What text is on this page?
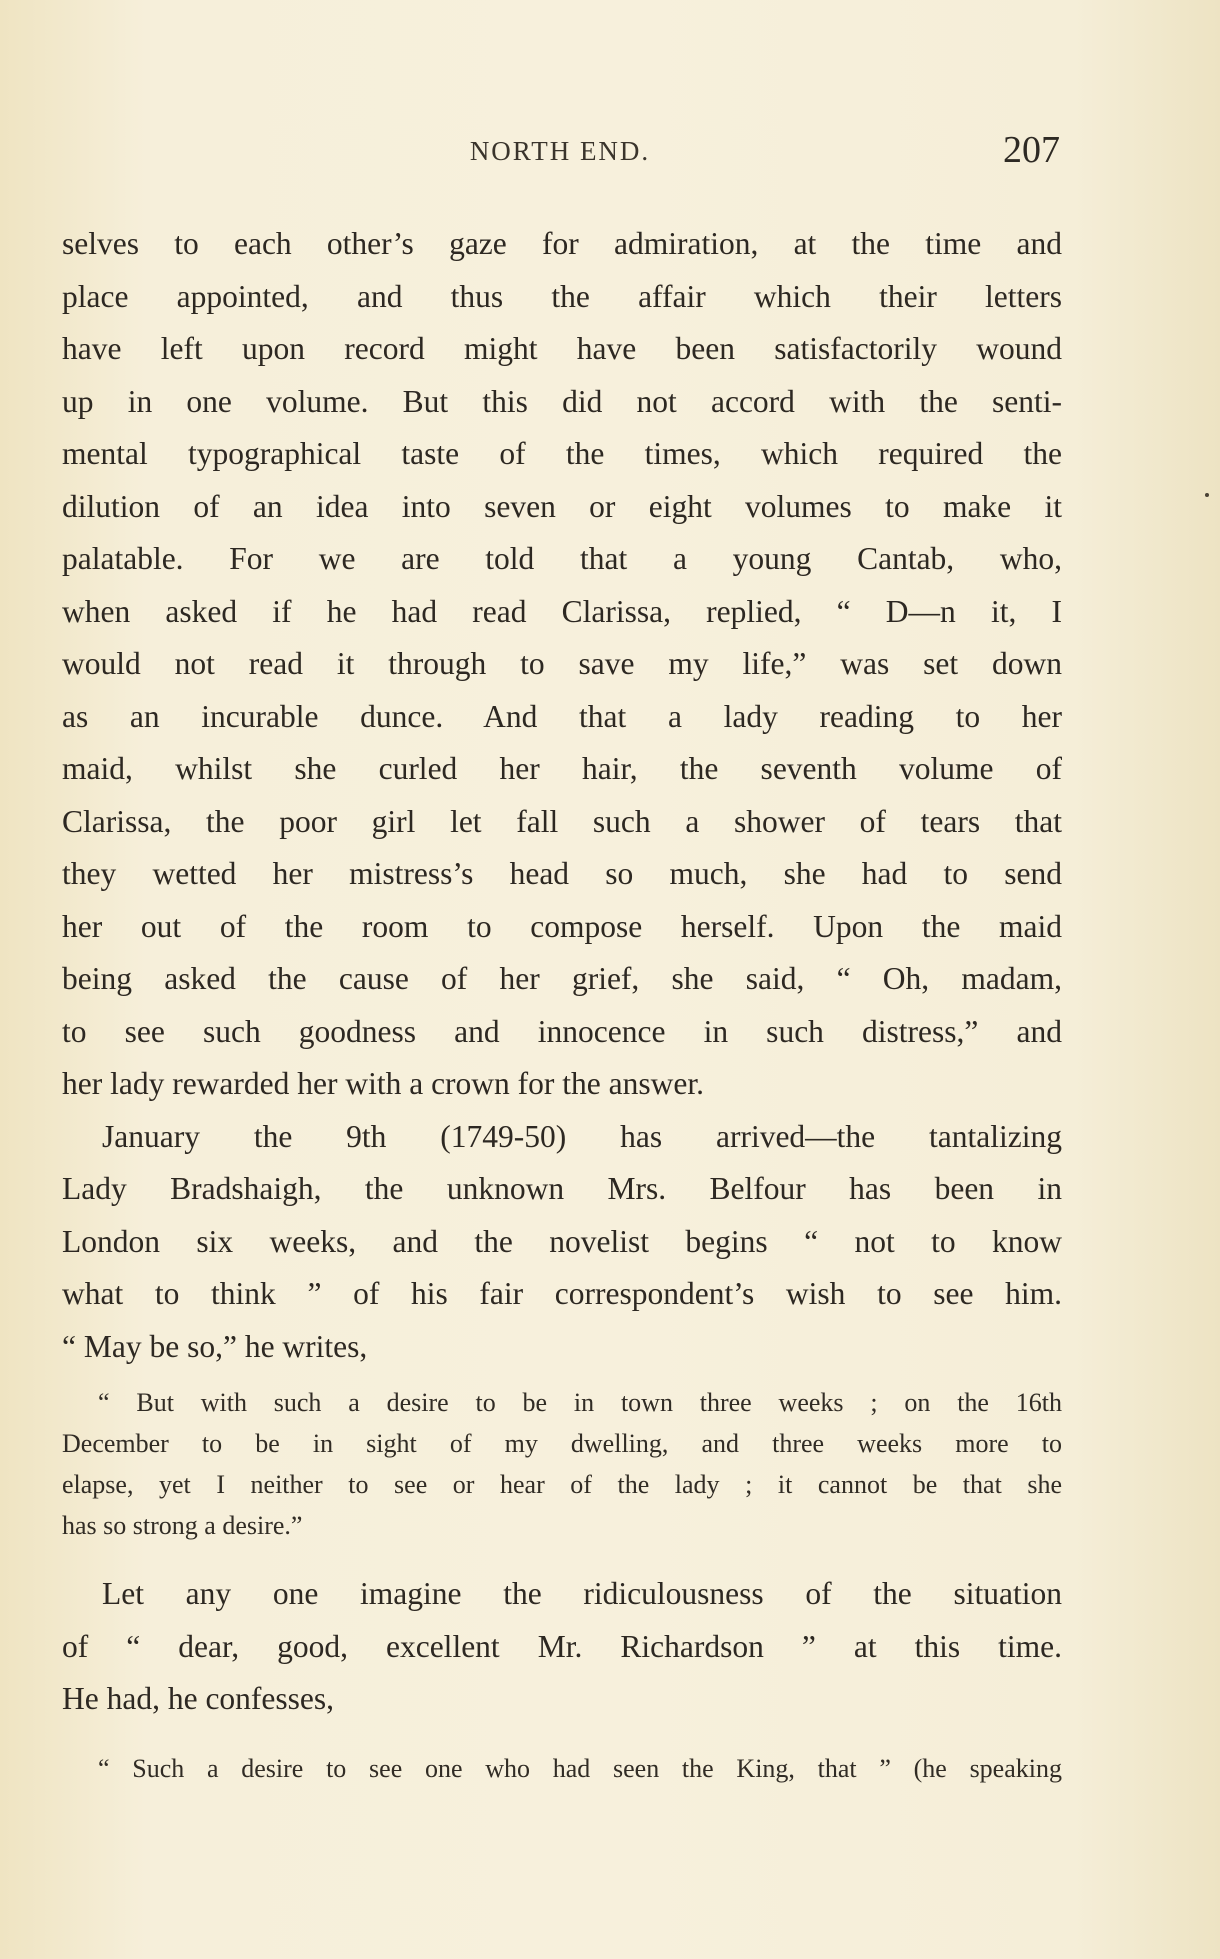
NORTH END.	207
selves to each other’s gaze for admiration, at the time and
place appointed, and thus the affair which their letters
have left upon record might have been satisfactorily wound
up in one volume. But this did not accord with the senti-
mental typographical taste of the times, which required the
dilution of an idea into seven or eight volumes to make it
palatable. For we are told that a young Cantab, who,
when asked if he had read Clarissa, replied, “ D—n it, I
would not read it through to save my life,” was set down
as an incurable dunce. And that a lady reading to her
maid, whilst she curled her hair, the seventh volume of
Clarissa, the poor girl let fall such a shower of tears that
they wetted her mistress’s head so much, she had to send
her out of the room to compose herself. Upon the maid
being asked the cause of her grief, she said, “ Oh, madam,
to see such goodness and innocence in such distress,” and
her lady rewarded her with a crown for the answer.
January the 9th (1749-50) has arrived—the tantalizing
Lady Bradshaigh, the unknown Mrs. Belfour has been in
London six weeks, and the novelist begins “ not to know
what to think ” of his fair correspondent’s wish to see him.
“ May be so,” he writes,
“ But with such a desire to be in town three weeks ; on the 16th
December to be in sight of my dwelling, and three weeks more to
elapse, yet I neither to see or hear of the lady ; it cannot be that she
has so strong a desire.”
Let any one imagine the ridiculousness of the situation
of “ dear, good, excellent Mr. Richardson ” at this time.
He had, he confesses,
“ Such a desire to see one who had seen the King, that ” (he speaking
